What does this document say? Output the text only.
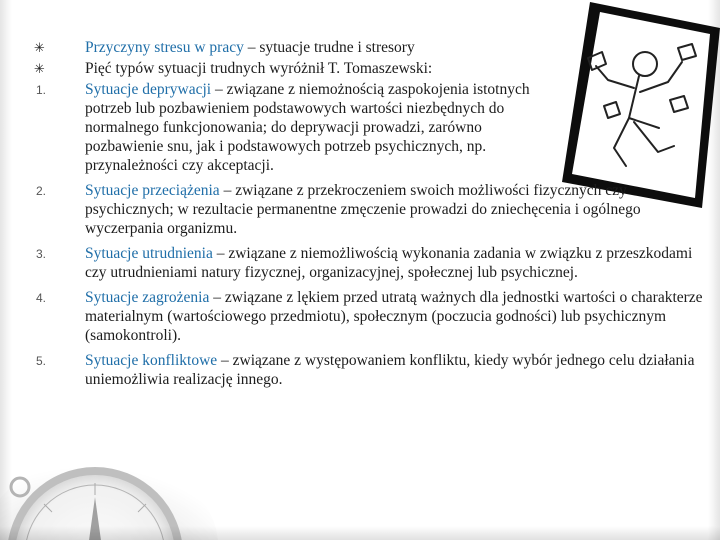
✳	Przyczyny stresu w pracy – sytuacje trudne i stresory
✳	Pięć typów sytuacji trudnych wyróżnił T. Tomaszewski:
1.	Sytuacje deprywacji – związane z niemożnością zaspokojenia istotnych potrzeb lub pozbawieniem podstawowych wartości niezbędnych do normalnego funkcjonowania; do deprywacji prowadzi, zarówno pozbawienie snu, jak i podstawowych potrzeb psychicznych, np. przynależności czy akceptacji.
2.	Sytuacje przeciążenia – związane z przekroczeniem swoich możliwości fizycznych czy psychicznych; w rezultacie permanentne zmęczenie prowadzi do zniechęcenia i ogólnego wyczerpania organizmu.
3.	Sytuacje utrudnienia – związane z niemożliwością wykonania zadania w związku z przeszkodami czy utrudnieniami natury fizycznej, organizacyjnej, społecznej lub psychicznej.
4.	Sytuacje zagrożenia – związane z lękiem przed utratą ważnych dla jednostki wartości o charakterze materialnym (wartościowego przedmiotu), społecznym (poczucia godności) lub psychicznym (samokontroli).
5.	Sytuacje konfliktowe – związane z występowaniem konfliktu, kiedy wybór jednego celu działania uniemożliwia realizację innego.
